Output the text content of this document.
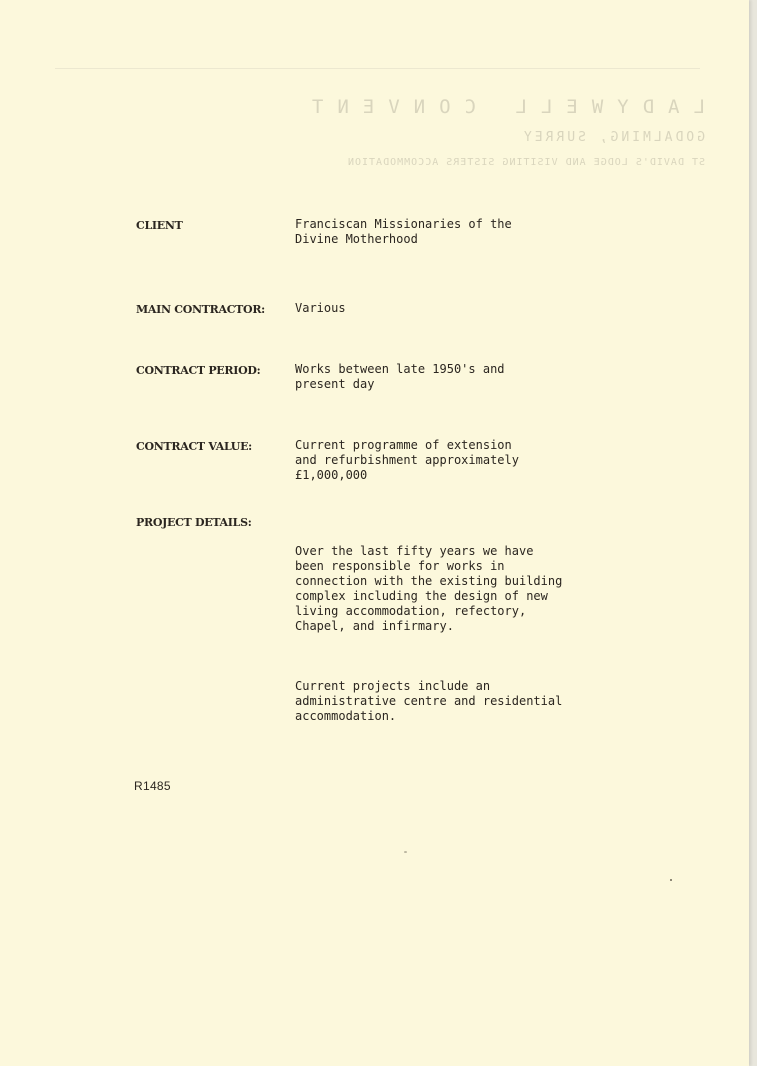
LADYWELL CONVENT

GODALMING, SURREY

ST DAVID'S LODGE AND VISITING SISTERS ACCOMMODATION

CLIENT	Franciscan Missionaries of the
Divine Motherhood
MAIN CONTRACTOR:	Various
CONTRACT PERIOD:	Works between late 1950's and
present day
CONTRACT VALUE:	Current programme of extension
and refurbishment approximately
£1,000,000
PROJECT DETAILS:

Over the last fifty years we have
been responsible for works in
connection with the existing building
complex including the design of new
living accommodation, refectory,
Chapel, and infirmary.

Current projects include an
administrative centre and residential
accommodation.

R1485
